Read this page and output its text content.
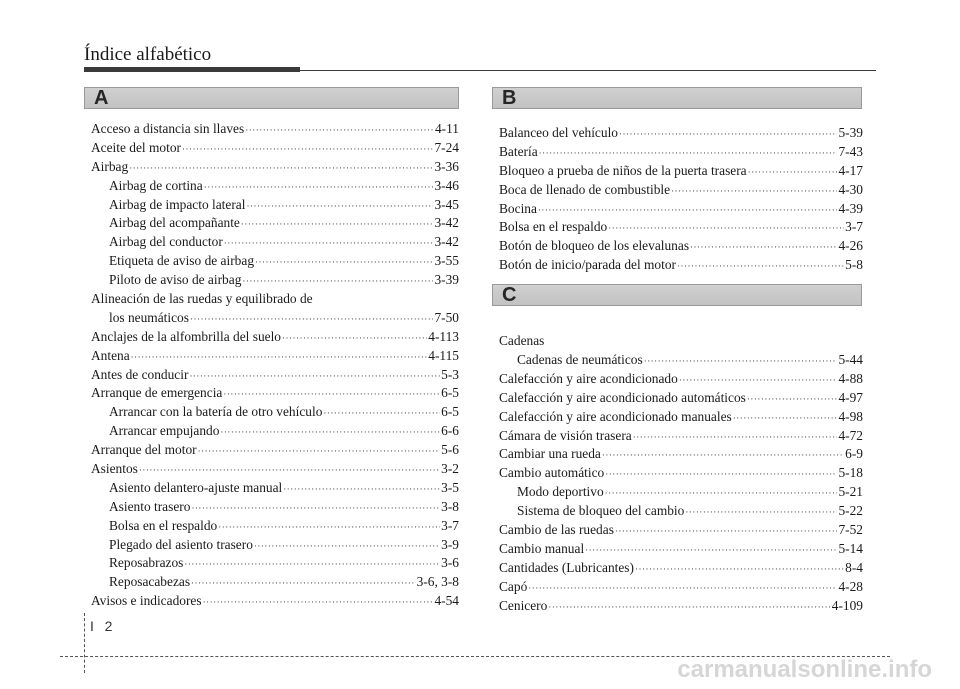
Índice alfabético
A
Acceso a distancia sin llaves ·····	4-11
Aceite del motor ·····	7-24
Airbag ·····	3-36
Airbag de cortina ·····	3-46
Airbag de impacto lateral ·····	3-45
Airbag del acompañante ·····	3-42
Airbag del conductor ·····	3-42
Etiqueta de aviso de airbag ·····	3-55
Piloto de aviso de airbag ·····	3-39
Alineación de las ruedas y equilibrado de
los neumáticos ·····	7-50
Anclajes de la alfombrilla del suelo ·····	4-113
Antena ·····	4-115
Antes de conducir ·····	5-3
Arranque de emergencia ·····	6-5
Arrancar con la batería de otro vehículo ·····	6-5
Arrancar empujando ·····	6-6
Arranque del motor ·····	5-6
Asientos ·····	3-2
Asiento delantero-ajuste manual ·····	3-5
Asiento trasero ·····	3-8
Bolsa en el respaldo ·····	3-7
Plegado del asiento trasero ·····	3-9
Reposabrazos ·····	3-6
Reposacabezas ·····	3-6, 3-8
Avisos e indicadores ·····	4-54
B
Balanceo del vehículo ·····	5-39
Batería ·····	7-43
Bloqueo a prueba de niños de la puerta trasera ·····	4-17
Boca de llenado de combustible ·····	4-30
Bocina ·····	4-39
Bolsa en el respaldo ·····	3-7
Botón de bloqueo de los elevalunas ·····	4-26
Botón de inicio/parada del motor ·····	5-8
C
Cadenas
Cadenas de neumáticos ·····	5-44
Calefacción y aire acondicionado ·····	4-88
Calefacción y aire acondicionado automáticos ·····	4-97
Calefacción y aire acondicionado manuales ·····	4-98
Cámara de visión trasera ·····	4-72
Cambiar una rueda ·····	6-9
Cambio automático ·····	5-18
Modo deportivo ·····	5-21
Sistema de bloqueo del cambio ·····	5-22
Cambio de las ruedas ·····	7-52
Cambio manual ·····	5-14
Cantidades (Lubricantes) ·····	8-4
Capó ·····	4-28
Cenicero ·····	4-109
I 2
carmanualsonline.info
